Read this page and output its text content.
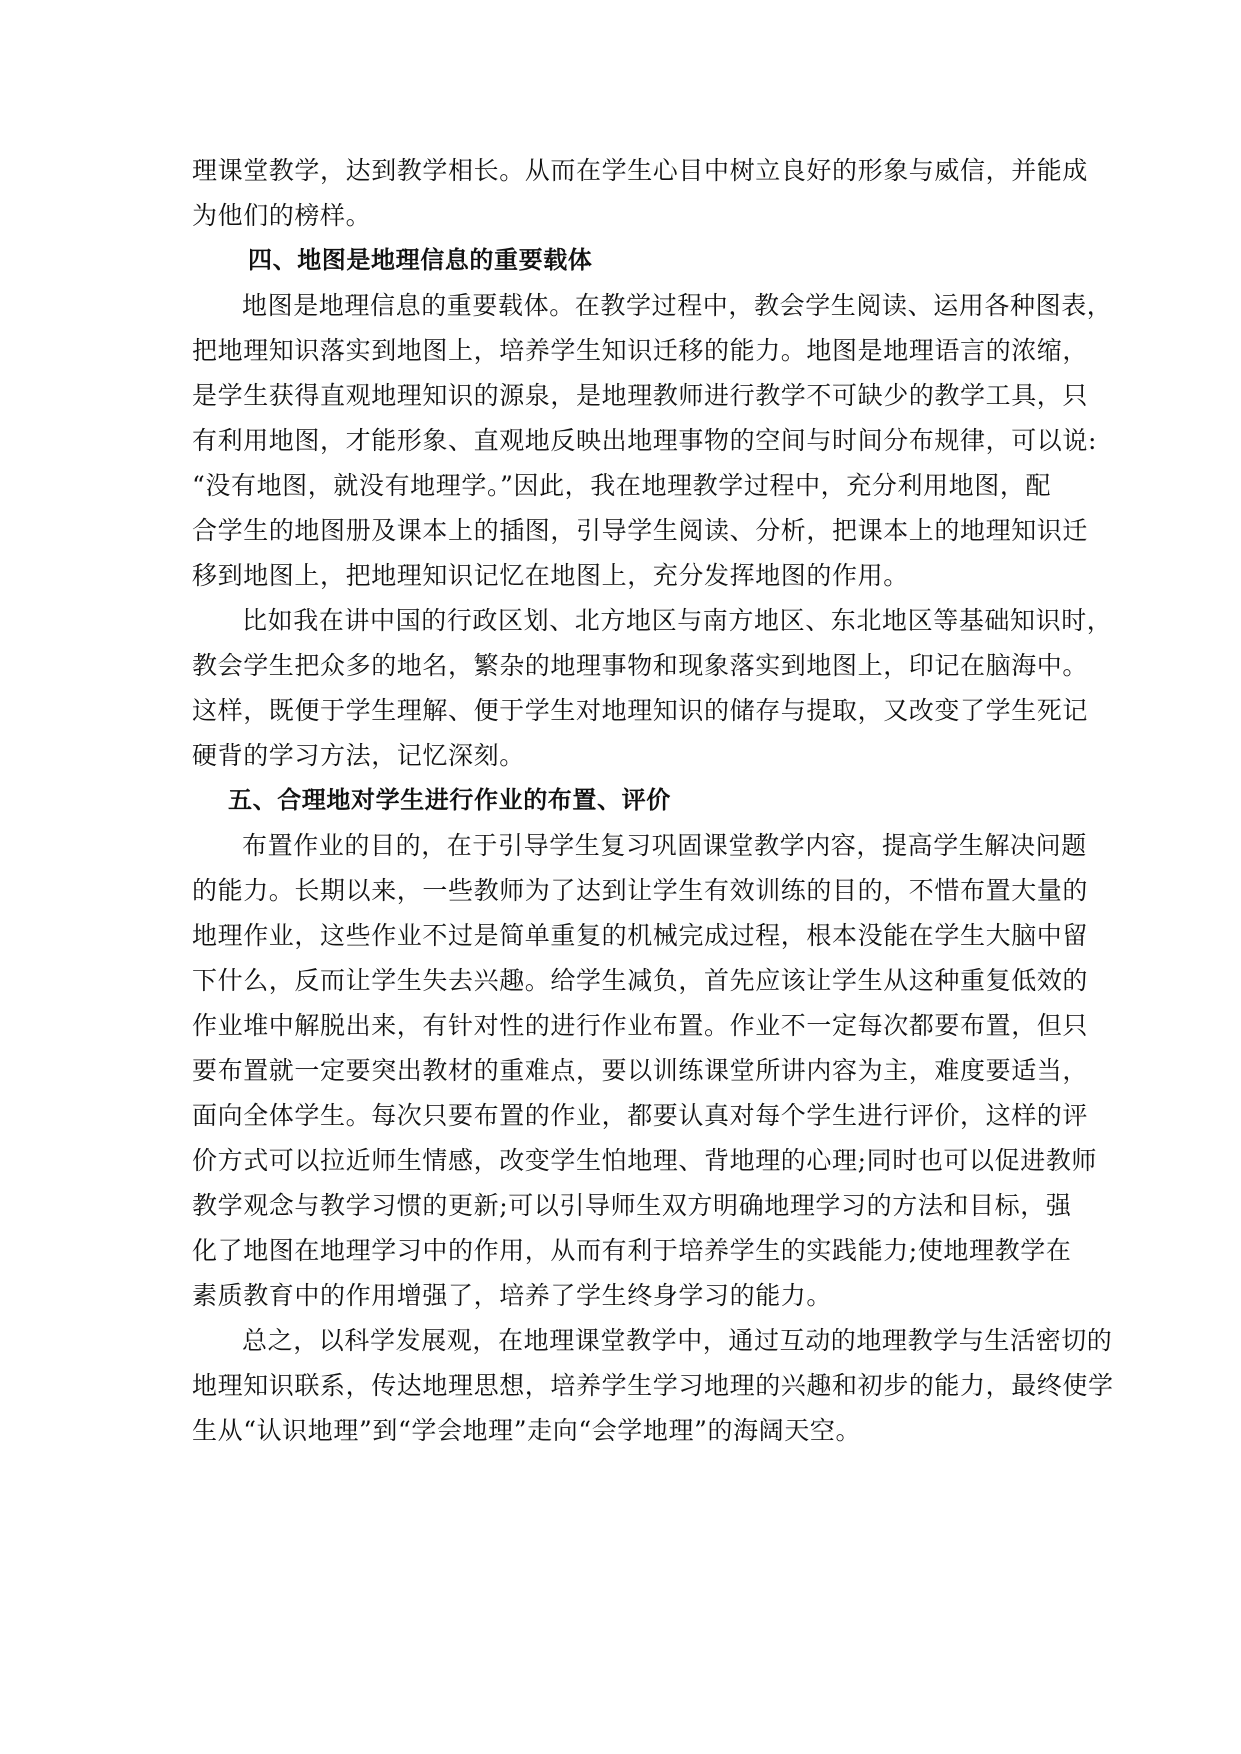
理课堂教学，达到教学相长。从而在学生心目中树立良好的形象与威信，并能成
为他们的榜样。
四、地图是地理信息的重要载体
地图是地理信息的重要载体。在教学过程中，教会学生阅读、运用各种图表，
把地理知识落实到地图上，培养学生知识迁移的能力。地图是地理语言的浓缩，
是学生获得直观地理知识的源泉，是地理教师进行教学不可缺少的教学工具，只
有利用地图，才能形象、直观地反映出地理事物的空间与时间分布规律，可以说:
“没有地图，就没有地理学。”因此，我在地理教学过程中，充分利用地图，配
合学生的地图册及课本上的插图，引导学生阅读、分析，把课本上的地理知识迁
移到地图上，把地理知识记忆在地图上，充分发挥地图的作用。
比如我在讲中国的行政区划、北方地区与南方地区、东北地区等基础知识时，
教会学生把众多的地名，繁杂的地理事物和现象落实到地图上，印记在脑海中。
这样，既便于学生理解、便于学生对地理知识的储存与提取，又改变了学生死记
硬背的学习方法，记忆深刻。
五、合理地对学生进行作业的布置、评价
布置作业的目的，在于引导学生复习巩固课堂教学内容，提高学生解决问题
的能力。长期以来，一些教师为了达到让学生有效训练的目的，不惜布置大量的
地理作业，这些作业不过是简单重复的机械完成过程，根本没能在学生大脑中留
下什么，反而让学生失去兴趣。给学生减负，首先应该让学生从这种重复低效的
作业堆中解脱出来，有针对性的进行作业布置。作业不一定每次都要布置，但只
要布置就一定要突出教材的重难点，要以训练课堂所讲内容为主，难度要适当，
面向全体学生。每次只要布置的作业，都要认真对每个学生进行评价，这样的评
价方式可以拉近师生情感，改变学生怕地理、背地理的心理;同时也可以促进教师
教学观念与教学习惯的更新;可以引导师生双方明确地理学习的方法和目标，强
化了地图在地理学习中的作用，从而有利于培养学生的实践能力;使地理教学在
素质教育中的作用增强了，培养了学生终身学习的能力。
总之，以科学发展观，在地理课堂教学中，通过互动的地理教学与生活密切的
地理知识联系，传达地理思想，培养学生学习地理的兴趣和初步的能力，最终使学
生从“认识地理”到“学会地理”走向“会学地理”的海阔天空。
